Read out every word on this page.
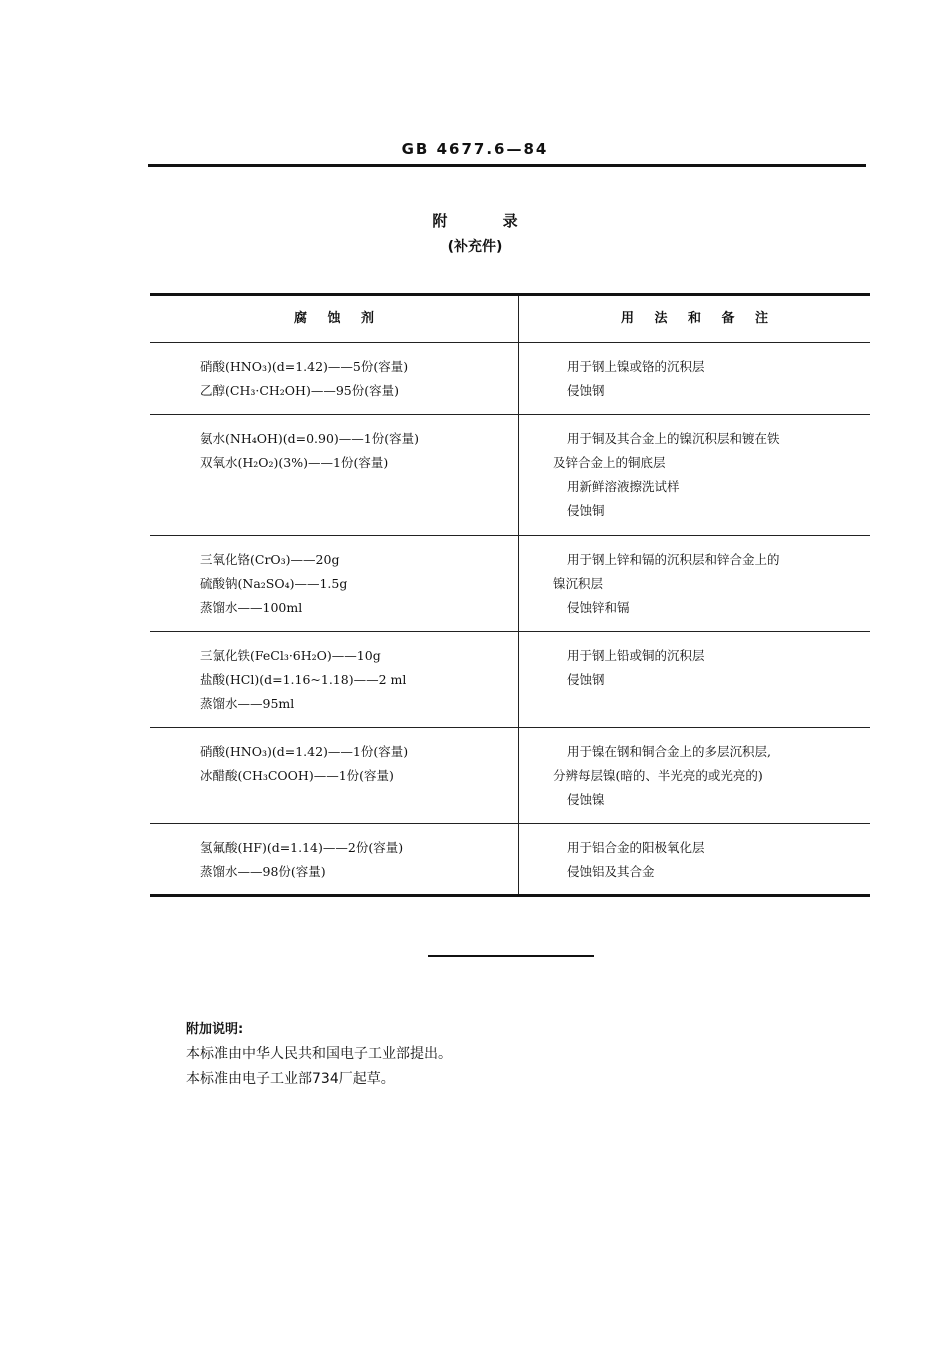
GB 4677.6—84
附 录
(补充件)
腐 蚀 剂	用 法 和 备 注
硝酸(HNO₃)(d=1.42)——5份(容量)
乙醇(CH₃·CH₂OH)——95份(容量)
用于钢上镍或铬的沉积层
侵蚀钢
氨水(NH₄OH)(d=0.90)——1份(容量)
双氧水(H₂O₂)(3%)——1份(容量)
用于铜及其合金上的镍沉积层和镀在铁
及锌合金上的铜底层
用新鲜溶液擦洗试样
侵蚀铜
三氧化铬(CrO₃)——20g
硫酸钠(Na₂SO₄)——1.5g
蒸馏水——100ml
用于钢上锌和镉的沉积层和锌合金上的
镍沉积层
侵蚀锌和镉
三氯化铁(FeCl₃·6H₂O)——10g
盐酸(HCl)(d=1.16~1.18)——2 ml
蒸馏水——95ml
用于钢上铅或铜的沉积层
侵蚀钢
硝酸(HNO₃)(d=1.42)——1份(容量)
冰醋酸(CH₃COOH)——1份(容量)
用于镍在钢和铜合金上的多层沉积层,
分辨每层镍(暗的、半光亮的或光亮的)
侵蚀镍
氢氟酸(HF)(d=1.14)——2份(容量)
蒸馏水——98份(容量)
用于铝合金的阳极氧化层
侵蚀铝及其合金
附加说明:
本标准由中华人民共和国电子工业部提出。
本标准由电子工业部734厂起草。
